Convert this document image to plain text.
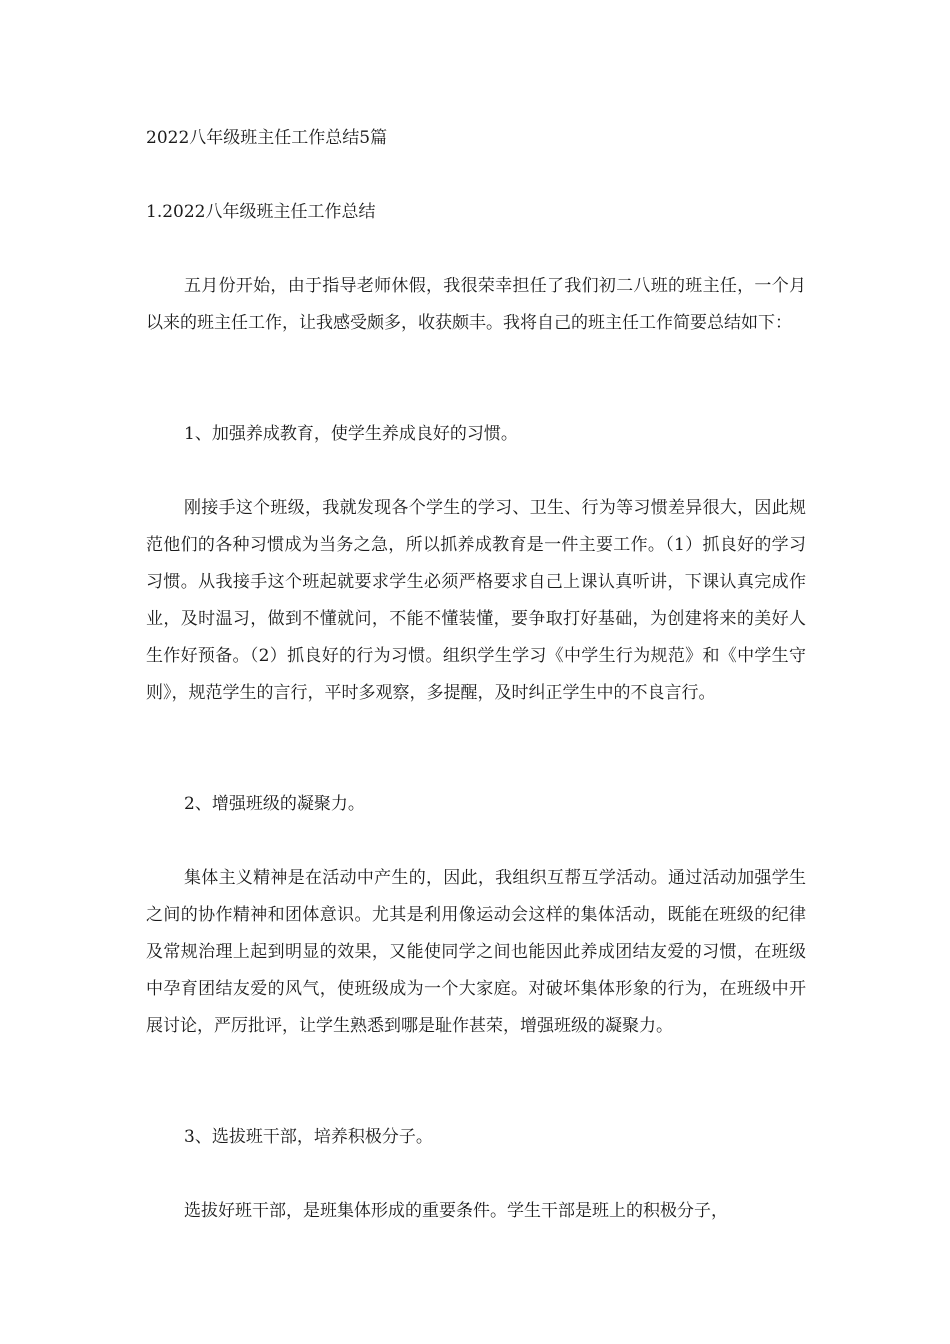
2022八年级班主任工作总结5篇
1.2022八年级班主任工作总结
五月份开始，由于指导老师休假，我很荣幸担任了我们初二八班的班主任，一个月以来的班主任工作，让我感受颇多，收获颇丰。我将自己的班主任工作简要总结如下：
1、加强养成教育，使学生养成良好的习惯。
刚接手这个班级，我就发现各个学生的学习、卫生、行为等习惯差异很大，因此规范他们的各种习惯成为当务之急，所以抓养成教育是一件主要工作。（1）抓良好的学习习惯。从我接手这个班起就要求学生必须严格要求自己上课认真听讲，下课认真完成作业，及时温习，做到不懂就问，不能不懂装懂，要争取打好基础，为创建将来的美好人生作好预备。（2）抓良好的行为习惯。组织学生学习《中学生行为规范》和《中学生守则》，规范学生的言行，平时多观察，多提醒，及时纠正学生中的不良言行。
2、增强班级的凝聚力。
集体主义精神是在活动中产生的，因此，我组织互帮互学活动。通过活动加强学生之间的协作精神和团体意识。尤其是利用像运动会这样的集体活动，既能在班级的纪律及常规治理上起到明显的效果，又能使同学之间也能因此养成团结友爱的习惯，在班级中孕育团结友爱的风气，使班级成为一个大家庭。对破坏集体形象的行为，在班级中开展讨论，严厉批评，让学生熟悉到哪是耻作甚荣，增强班级的凝聚力。
3、选拔班干部，培养积极分子。
选拔好班干部，是班集体形成的重要条件。学生干部是班上的积极分子，
